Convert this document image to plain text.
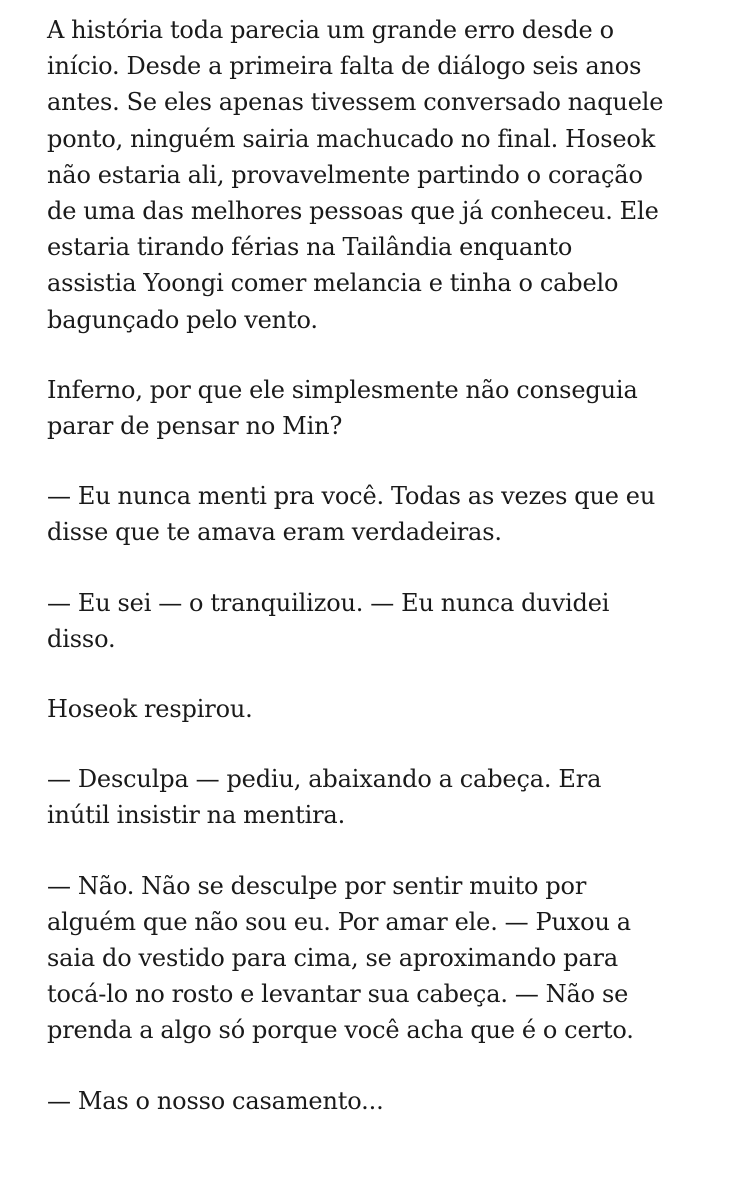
A história toda parecia um grande erro desde o
início. Desde a primeira falta de diálogo seis anos
antes. Se eles apenas tivessem conversado naquele
ponto, ninguém sairia machucado no final. Hoseok
não estaria ali, provavelmente partindo o coração
de uma das melhores pessoas que já conheceu. Ele
estaria tirando férias na Tailândia enquanto
assistia Yoongi comer melancia e tinha o cabelo
bagunçado pelo vento.

Inferno, por que ele simplesmente não conseguia
parar de pensar no Min?

— Eu nunca menti pra você. Todas as vezes que eu
disse que te amava eram verdadeiras.

— Eu sei — o tranquilizou. — Eu nunca duvidei
disso.

Hoseok respirou.

— Desculpa — pediu, abaixando a cabeça. Era
inútil insistir na mentira.

— Não. Não se desculpe por sentir muito por
alguém que não sou eu. Por amar ele. — Puxou a
saia do vestido para cima, se aproximando para
tocá-lo no rosto e levantar sua cabeça. — Não se
prenda a algo só porque você acha que é o certo.

— Mas o nosso casamento...
